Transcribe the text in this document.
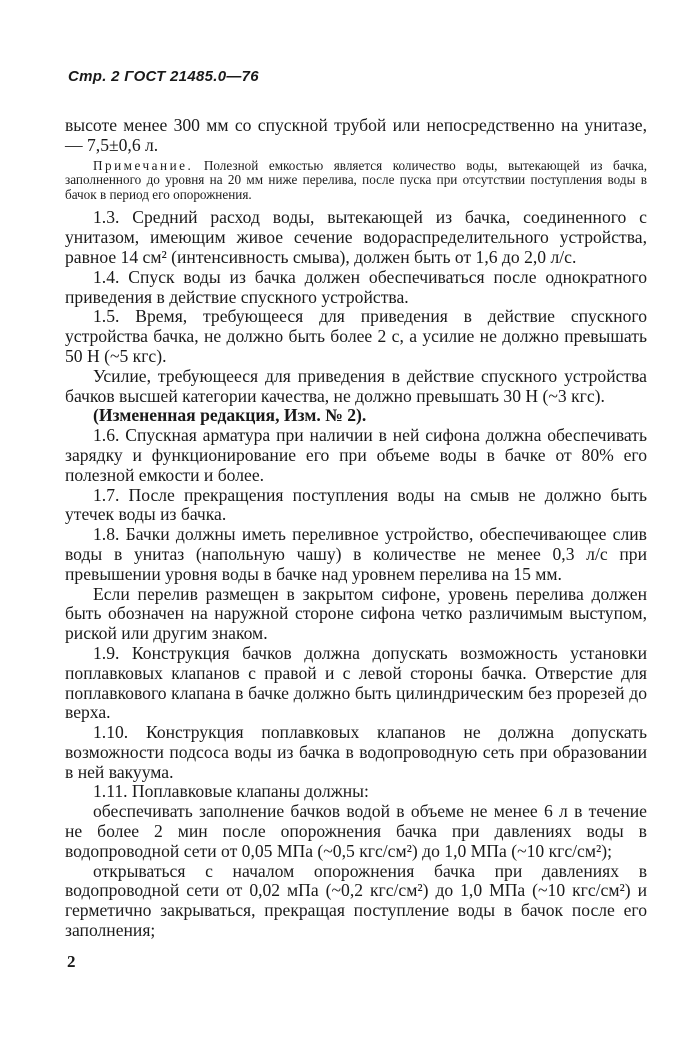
Стр. 2 ГОСТ 21485.0—76

высоте менее 300 мм со спускной трубой или непосредственно на унитазе, — 7,5±0,6 л.

Примечание. Полезной емкостью является количество воды, вытекающей из бачка, заполненного до уровня на 20 мм ниже перелива, после пуска при отсутствии поступления воды в бачок в период его опорожнения.

1.3. Средний расход воды, вытекающей из бачка, соединенного с унитазом, имеющим живое сечение водораспределительного устройства, равное 14 см² (интенсивность смыва), должен быть от 1,6 до 2,0 л/с.

1.4. Спуск воды из бачка должен обеспечиваться после однократного приведения в действие спускного устройства.

1.5. Время, требующееся для приведения в действие спускного устройства бачка, не должно быть более 2 с, а усилие не должно превышать 50 Н (~5 кгс).

Усилие, требующееся для приведения в действие спускного устройства бачков высшей категории качества, не должно превышать 30 Н (~3 кгс).

(Измененная редакция, Изм. № 2).

1.6. Спускная арматура при наличии в ней сифона должна обеспечивать зарядку и функционирование его при объеме воды в бачке от 80% его полезной емкости и более.

1.7. После прекращения поступления воды на смыв не должно быть утечек воды из бачка.

1.8. Бачки должны иметь переливное устройство, обеспечивающее слив воды в унитаз (напольную чашу) в количестве не менее 0,3 л/с при превышении уровня воды в бачке над уровнем перелива на 15 мм.

Если перелив размещен в закрытом сифоне, уровень перелива должен быть обозначен на наружной стороне сифона четко различимым выступом, риской или другим знаком.

1.9. Конструкция бачков должна допускать возможность установки поплавковых клапанов с правой и с левой стороны бачка. Отверстие для поплавкового клапана в бачке должно быть цилиндрическим без прорезей до верха.

1.10. Конструкция поплавковых клапанов не должна допускать возможности подсоса воды из бачка в водопроводную сеть при образовании в ней вакуума.

1.11. Поплавковые клапаны должны:

обеспечивать заполнение бачков водой в объеме не менее 6 л в течение не более 2 мин после опорожнения бачка при давлениях воды в водопроводной сети от 0,05 МПа (~0,5 кгс/см²) до 1,0 МПа (~10 кгс/см²);

открываться с началом опорожнения бачка при давлениях в водопроводной сети от 0,02 мПа (~0,2 кгс/см²) до 1,0 МПа (~10 кгс/см²) и герметично закрываться, прекращая поступление воды в бачок после его заполнения;

2
